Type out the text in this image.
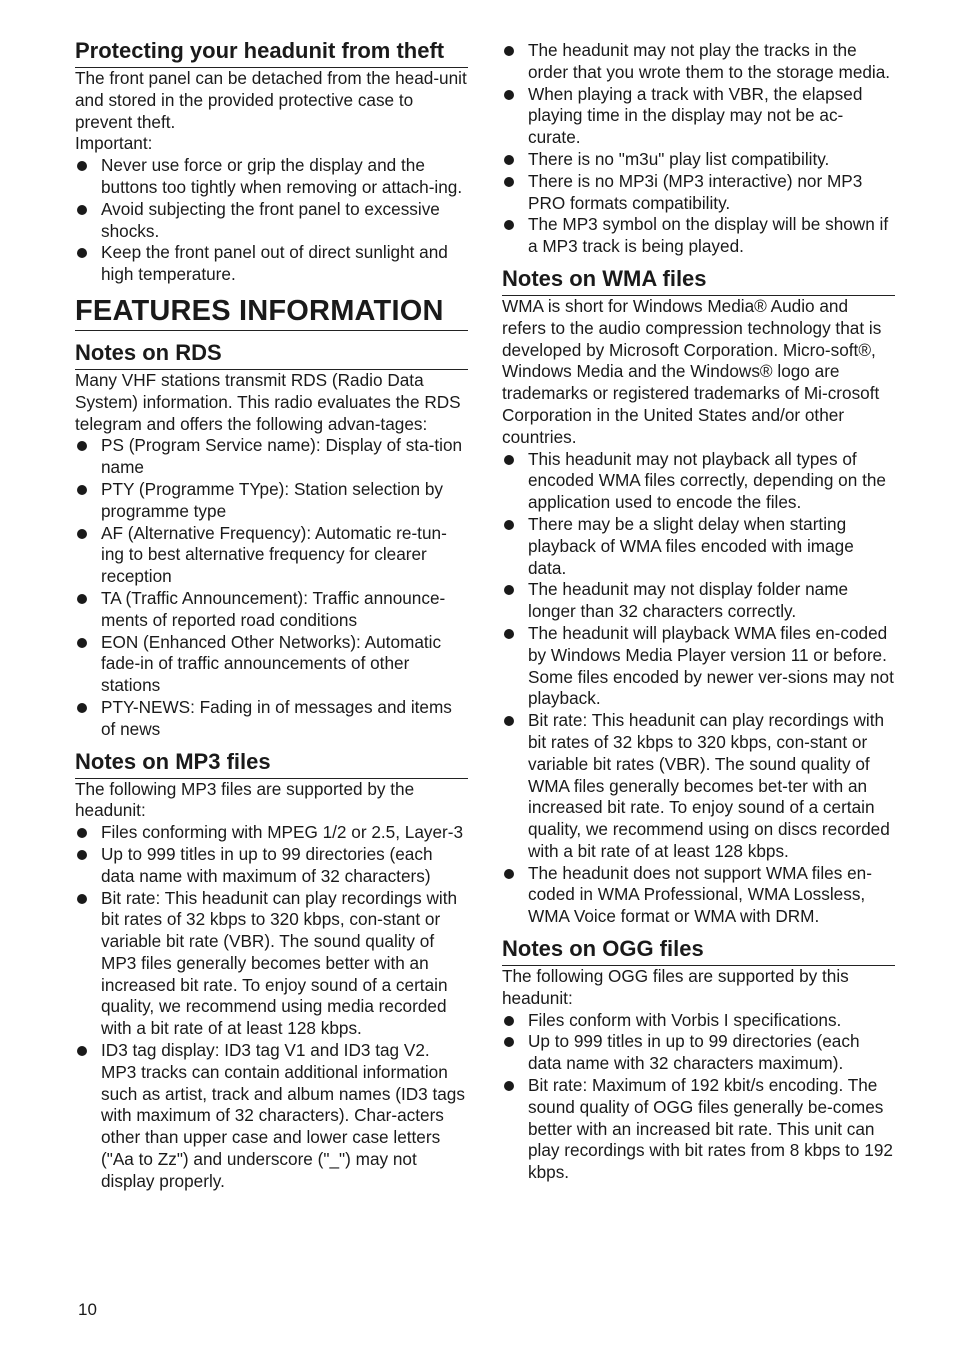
Protecting your headunit from theft

The front panel can be detached from the head-unit and stored in the provided protective case to prevent theft.

Important:

Never use force or grip the display and the buttons too tightly when removing or attach-ing.
Avoid subjecting the front panel to excessive shocks.
Keep the front panel out of direct sunlight and high temperature.
FEATURES INFORMATION
Notes on RDS

Many VHF stations transmit RDS (Radio Data System) information. This radio evaluates the RDS telegram and offers the following advan-tages:

PS (Program Service name): Display of sta-tion name
PTY (Programme TYpe): Station selection by programme type
AF (Alternative Frequency): Automatic re-tun-ing to best alternative frequency for clearer reception
TA (Traffic Announcement): Traffic announce-ments of reported road conditions
EON (Enhanced Other Networks): Automatic fade-in of traffic announcements of other stations
PTY-NEWS: Fading in of messages and items of news
Notes on MP3 files

The following MP3 files are supported by the headunit:

Files conforming with MPEG 1/2 or 2.5, Layer-3
Up to 999 titles in up to 99 directories (each data name with maximum of 32 characters)
Bit rate: This headunit can play recordings with bit rates of 32 kbps to 320 kbps, con-stant or variable bit rate (VBR). The sound quality of MP3 files generally becomes better with an increased bit rate. To enjoy sound of a certain quality, we recommend using media recorded with a bit rate of at least 128 kbps.
ID3 tag display: ID3 tag V1 and ID3 tag V2. MP3 tracks can contain additional information such as artist, track and album names (ID3 tags with maximum of 32 characters). Char-acters other than upper case and lower case letters ("Aa to Zz") and underscore ("_") may not display properly.
The headunit may not play the tracks in the order that you wrote them to the storage media.
When playing a track with VBR, the elapsed playing time in the display may not be ac-curate.
There is no "m3u" play list compatibility.
There is no MP3i (MP3 interactive) nor MP3 PRO formats compatibility.
The MP3 symbol on the display will be shown if a MP3 track is being played.
Notes on WMA files

WMA is short for Windows Media® Audio and refers to the audio compression technology that is developed by Microsoft Corporation. Micro-soft®, Windows Media and the Windows® logo are trademarks or registered trademarks of Mi-crosoft Corporation in the United States and/or other countries.

This headunit may not playback all types of encoded WMA files correctly, depending on the application used to encode the files.
There may be a slight delay when starting playback of WMA files encoded with image data.
The headunit may not display folder name longer than 32 characters correctly.
The headunit will playback WMA files en-coded by Windows Media Player version 11 or before. Some files encoded by newer ver-sions may not playback.
Bit rate: This headunit can play recordings with bit rates of 32 kbps to 320 kbps, con-stant or variable bit rates (VBR). The sound quality of WMA files generally becomes bet-ter with an increased bit rate. To enjoy sound of a certain quality, we recommend using on discs recorded with a bit rate of at least 128 kbps.
The headunit does not support WMA files en-coded in WMA Professional, WMA Lossless, WMA Voice format or WMA with DRM.
Notes on OGG files

The following OGG files are supported by this headunit:

Files conform with Vorbis I specifications.
Up to 999 titles in up to 99 directories (each data name with 32 characters maximum).
Bit rate: Maximum of 192 kbit/s encoding. The sound quality of OGG files generally be-comes better with an increased bit rate. This unit can play recordings with bit rates from 8 kbps to 192 kbps.
10
